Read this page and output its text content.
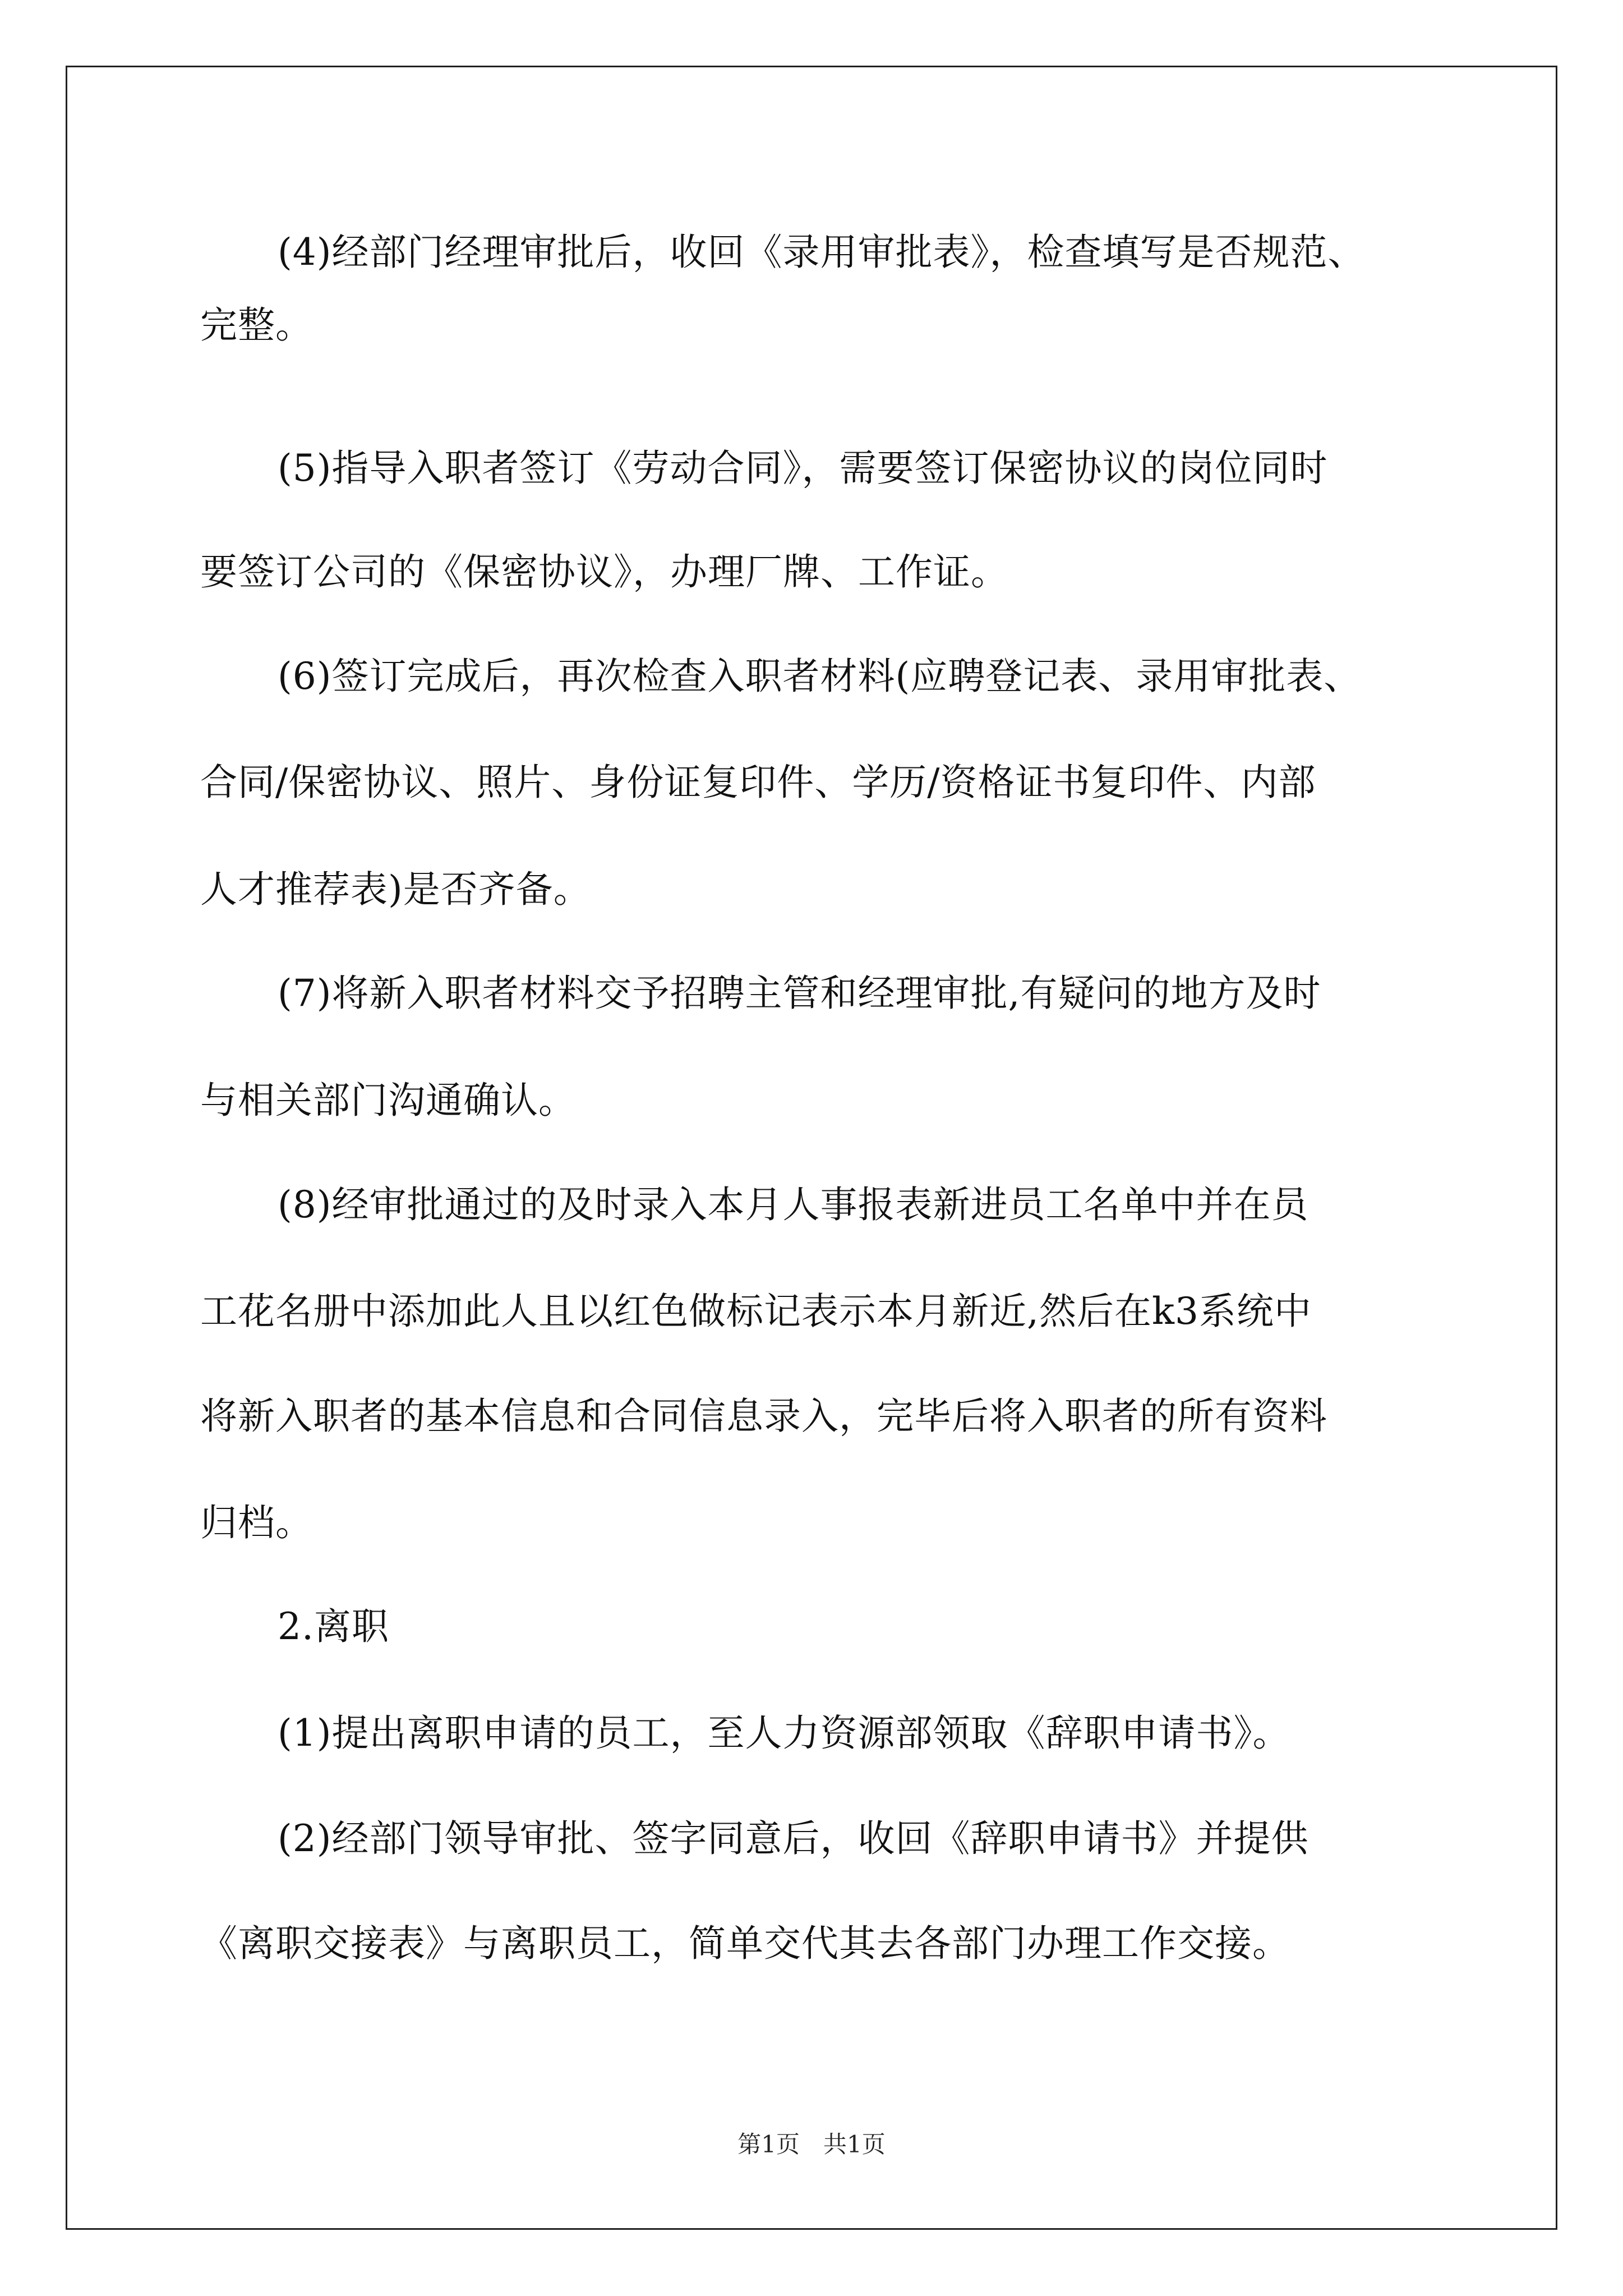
(4)经部门经理审批后，收回《录用审批表》，检查填写是否规范、
完整。
(5)指导入职者签订《劳动合同》，需要签订保密协议的岗位同时
要签订公司的《保密协议》，办理厂牌、工作证。
(6)签订完成后，再次检查入职者材料(应聘登记表、录用审批表、
合同/保密协议、照片、身份证复印件、学历/资格证书复印件、内部
人才推荐表)是否齐备。
(7)将新入职者材料交予招聘主管和经理审批,有疑问的地方及时
与相关部门沟通确认。
(8)经审批通过的及时录入本月人事报表新进员工名单中并在员
工花名册中添加此人且以红色做标记表示本月新近,然后在k3系统中
将新入职者的基本信息和合同信息录入，完毕后将入职者的所有资料
归档。
2.离职
(1)提出离职申请的员工，至人力资源部领取《辞职申请书》。
(2)经部门领导审批、签字同意后，收回《辞职申请书》并提供
《离职交接表》与离职员工，简单交代其去各部门办理工作交接。
第1页　共1页
